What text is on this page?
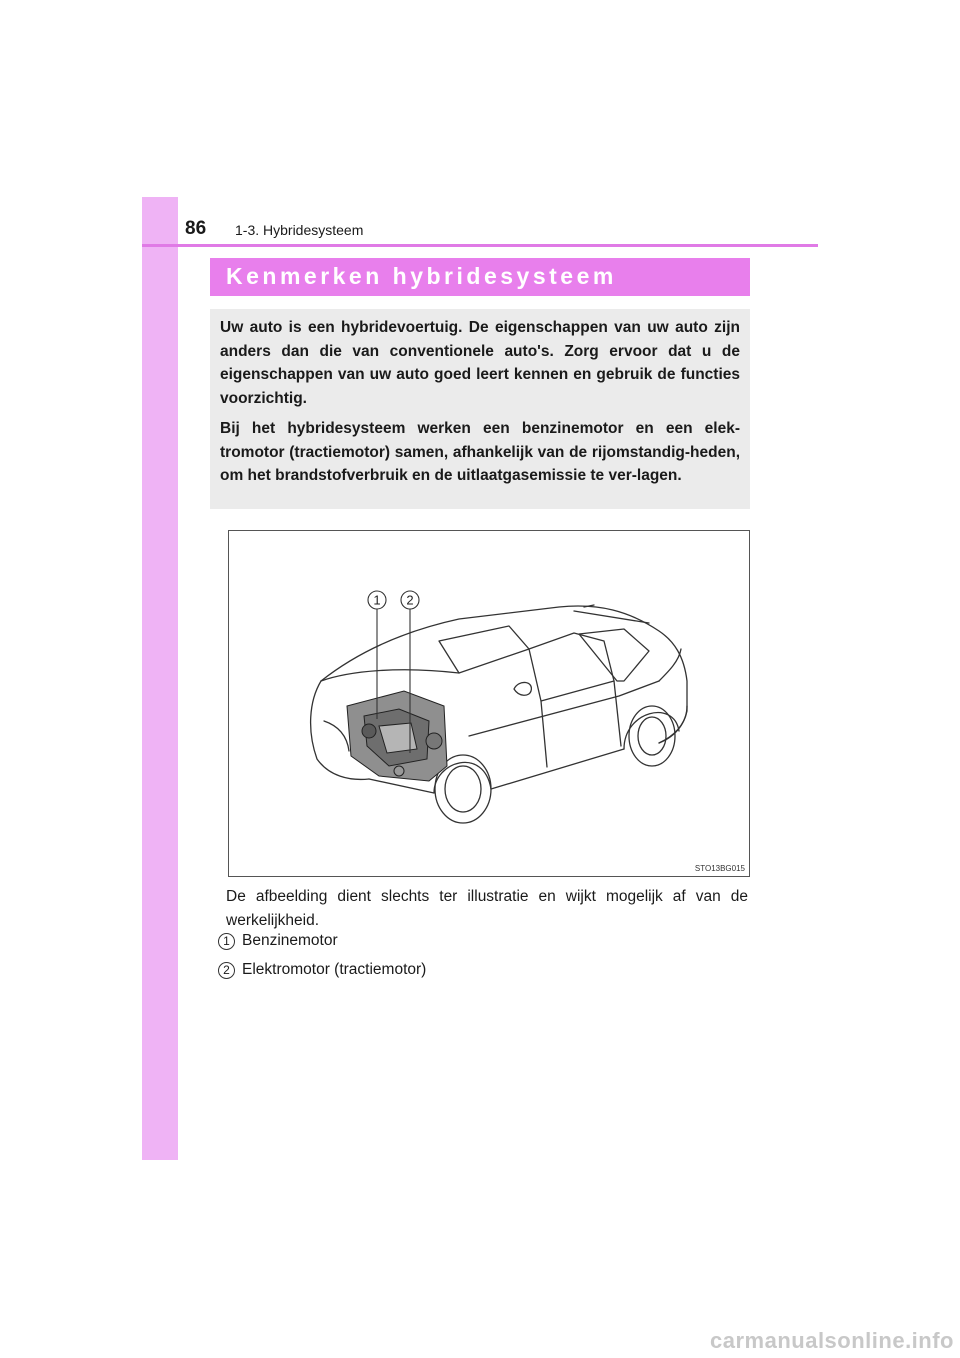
86 1-3. Hybridesysteem
Kenmerken hybridesysteem

Uw auto is een hybridevoertuig. De eigenschappen van uw auto zijn anders dan die van conventionele auto's. Zorg ervoor dat u de eigenschappen van uw auto goed leert kennen en gebruik de functies voorzichtig.

Bij het hybridesysteem werken een benzinemotor en een elek-tromotor (tractiemotor) samen, afhankelijk van de rijomstandig-heden, om het brandstofverbruik en de uitlaatgasemissie te ver-lagen.

1 2
STO13BG015

De afbeelding dient slechts ter illustratie en wijkt mogelijk af van de werkelijkheid.

1 Benzinemotor
2 Elektromotor (tractiemotor)
carmanualsonline.info
